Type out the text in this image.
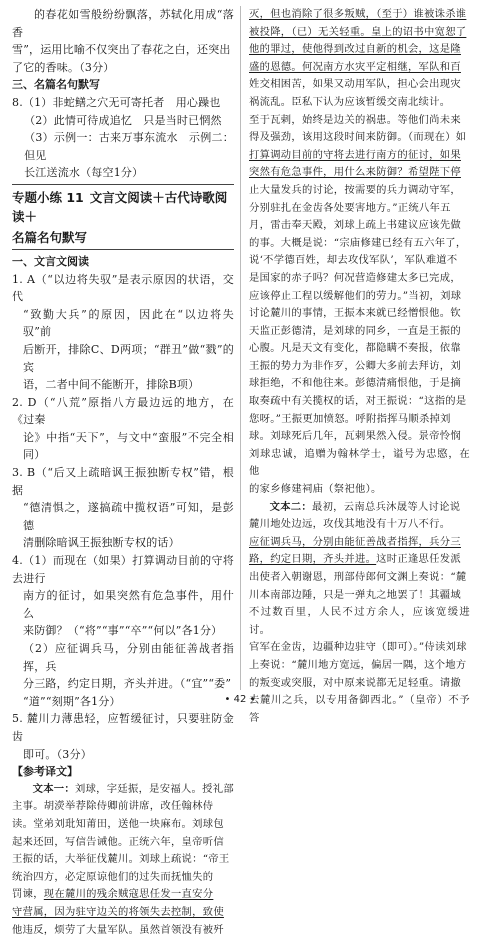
的春花如雪般纷纷飘落，苏轼化用成“落香

雪”，运用比喻不仅突出了春花之白，还突出

了它的香味。（3分）

三、名篇名句默写

8.（1）非蛇鳝之穴无可寄托者　用心躁也

（2）此情可待成追忆　只是当时已惘然

（3）示例一：古来万事东流水　示例二：但见

长江送流水（每空1分）

专题小练 11 文言文阅读＋古代诗歌阅读＋

名篇名句默写

一、文言文阅读

1. A（“以边将失驭”是表示原因的状语，交代

“致勤大兵”的原因，因此在“以边将失驭”前

后断开，排除C、D两项；“群丑”做“戮”的宾

语，二者中间不能断开，排除B项）

2. D（“八荒”原指八方最边远的地方，在《过秦

论》中指“天下”，与文中“蛮服”不完全相同）

3. B（“后又上疏暗讽王振独断专权”错，根据

“德清惧之，遂搞疏中揽权语”可知，是彭德

清删除暗讽王振独断专权的话）

4.（1）而现在（如果）打算调动目前的守将去进行

南方的征讨，如果突然有危急事件，用什么

来防御？（“将”“事”“卒”“何以”各1分）

（2）应征调兵马，分别由能征善战者指挥，兵

分三路，约定日期，齐头并进。（“宜”“委”

“道”“刻期”各1分）

5. 麓川力薄患轻，应暂缓征讨，只要驻防金齿

即可。（3分）

【参考译文】

文本一：刘球，字廷振，是安福人。授礼部

主事。胡濙举荐除侍卿前讲席，改任翰林侍

读。堂弟刘玭知莆田，送他一块麻布。刘球包

起来还回，写信告诫他。正统六年，皇帝听信

王振的话，大举征伐麓川。刘球上疏说：“帝王

统治四方，必定原谅他们的过失而抚恤失的

罚谏，现在麓川的残余贼寇思任发一直安分

守营属，因为驻守边关的将领失去控制，致使

他违反，烦劳了大量军队。虽然首领没有被歼

灭，但也消除了很多叛贼，（至于）谁被诛杀谁

被投降，（已）无关轻重。皇上的诏书中宽恕了

他的罪过，使他得到改过自新的机会，这是隆

盛的恩德。何况南方水灾平定相继，军队和百

姓交相困苦，如果又动用军队，担心会出现灾

祸流乱。臣私下认为应该暂缓交南北续计。

至于瓦剌，始终是边关的祸患。等他们尚未来

得及强劲，该用这段时间来防御。（而现在）如

打算调动目前的守将去进行南方的征讨，如果

突然有危急事件，用什么来防御？希望陛下停

止大量发兵的讨论，按需要的兵力调动守军，

分别驻扎在金齿各处要害地方。”正统八年五

月，雷击奉天殿，刘球上疏上书建议应该先做

的事。大概是说：“宗庙修建已经有五六年了，

说‘不学德百姓，却去攻伐军队’，军队难道不

是国家的赤子吗？何况营造修建太多已完成，

应该停止工程以缓解他们的劳力。”当初，刘球

讨论麓川的事情，王振本来就已经憎恨他。钦

天监正彭德清，是刘球的同乡，一直是王振的

心腹。凡是天文有变化，都隐瞒不奏报，依靠

王振的势力为非作歹，公卿大多前去拜访，刘

球拒绝，不和他往来。彭德清痛恨他，于是摘

取奏疏中有关揽权的话，对王振说：“这指的是

您呀。”王振更加愤怒。呼附指挥马顺杀掉刘

球。刘球死后几年，瓦剌果然入侵。景帝怜悯

刘球忠诚，追赠为翰林学士，谥号为忠愍，在他

的家乡修建祠庙（祭祀他）。

文本二：最初，云南总兵沐晟等人讨论说

麓川地处边远，攻伐其地没有十万八不行。

应征调兵马，分别由能征善战者指挥，兵分三

路，约定日期，齐头并进。这时正逢思任发派

出使者入朝谢恩，刑部侍郎何文渊上奏说：“麓

川本南部边陲，只是一弹丸之地罢了！其疆域

不过数百里，人民不过方余人，应该宽缓进讨。

官军在金齿，边疆种边驻守（即可）。”侍读刘球

上奏说：“麓川地方宽远，偏居一隅，这个地方

的叛变或突服，对中原来说都无足轻重。请撤

去麓川之兵，以专用备御西北。”（皇帝）不予答

• 42 •
